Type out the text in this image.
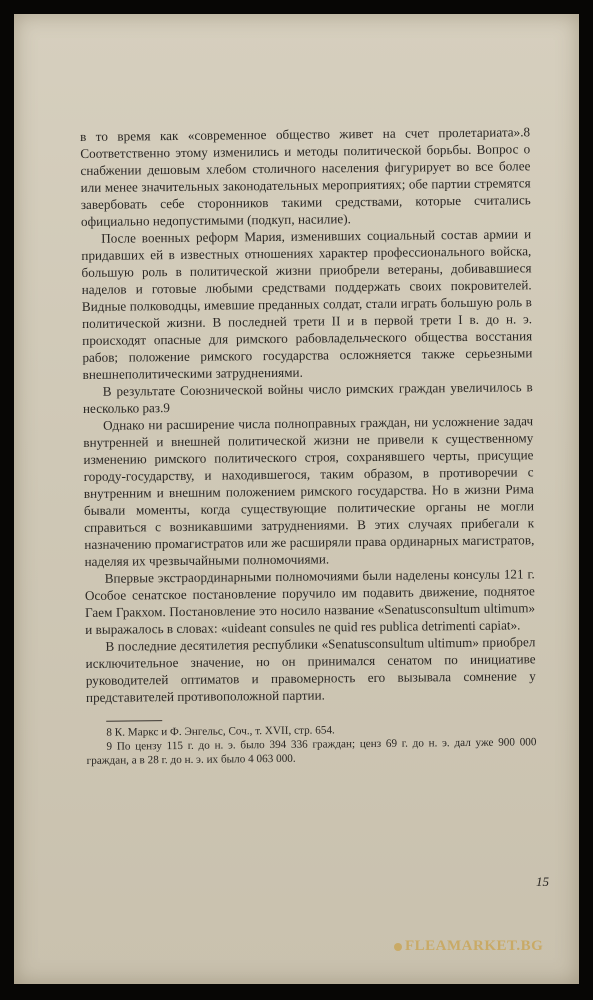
в то время как «современное общество живет на счет пролетариата».8 Соответственно этому изменились и методы политической борьбы. Вопрос о снабжении дешовым хлебом столичного населения фигурирует во все более или менее значительных законодательных мероприятиях; обе партии стремятся завербовать себе сторонников такими средствами, которые считались официально недопустимыми (подкуп, насилие).

После военных реформ Мария, изменивших социальный состав армии и придавших ей в известных отношениях характер профессионального войска, большую роль в политической жизни приобрели ветераны, добивавшиеся наделов и готовые любыми средствами поддержать своих покровителей. Видные полководцы, имевшие преданных солдат, стали играть большую роль в политической жизни. В последней трети II и в первой трети I в. до н. э. происходят опасные для римского рабовладельческого общества восстания рабов; положение римского государства осложняется также серьезными внешнеполитическими затруднениями.

В результате Союзнической войны число римских граждан увеличилось в несколько раз.9

Однако ни расширение числа полноправных граждан, ни усложнение задач внутренней и внешней политической жизни не привели к существенному изменению римского политического строя, сохранявшего черты, присущие городу-государству, и находившегося, таким образом, в противоречии с внутренним и внешним положением римского государства. Но в жизни Рима бывали моменты, когда существующие политические органы не могли справиться с возникавшими затруднениями. В этих случаях прибегали к назначению промагистратов или же расширяли права ординарных магистратов, наделяя их чрезвычайными полномочиями.

Впервые экстраординарными полномочиями были наделены консулы 121 г. Особое сенатское постановление поручило им подавить движение, поднятое Гаем Гракхом. Постановление это носило название «Senatusconsultum ultimum» и выражалось в словах: «uideant consules ne quid res publica detrimenti capiat».

В последние десятилетия республики «Senatusconsultum ultimum» приобрел исключительное значение, но он принимался сенатом по инициативе руководителей оптиматов и правомерность его вызывала сомнение у представителей противоположной партии.

8 К. Маркс и Ф. Энгельс, Соч., т. XVII, стр. 654.

9 По цензу 115 г. до н. э. было 394 336 граждан; ценз 69 г. до н. э. дал уже 900 000 граждан, а в 28 г. до н. э. их было 4 063 000.

15
FLEAMARKET.BG
